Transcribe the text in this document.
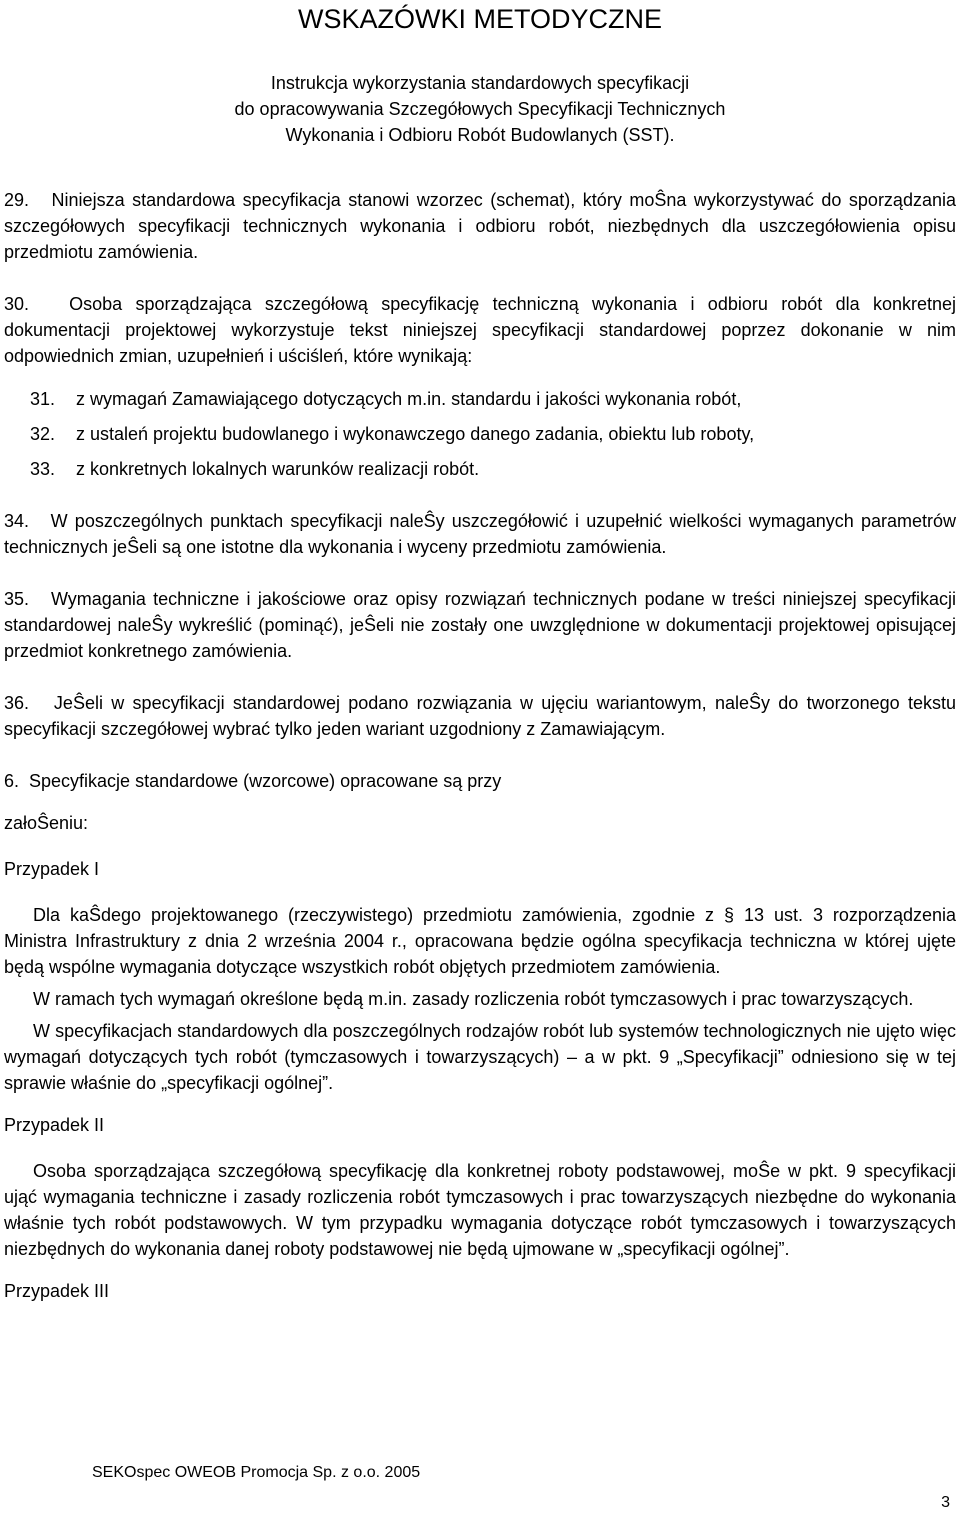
WSKAZÓWKI METODYCZNE
Instrukcja wykorzystania standardowych specyfikacji
do opracowywania Szczegółowych Specyfikacji Technicznych
Wykonania i Odbioru Robót Budowlanych (SST).

29.   Niniejsza standardowa specyfikacja stanowi wzorzec (schemat), który moŜna wykorzystywać do sporządzania szczegółowych specyfikacji technicznych wykonania i odbioru robót, niezbędnych dla uszczegółowienia opisu przedmiotu zamówienia.

30.   Osoba sporządzająca szczegółową specyfikację techniczną wykonania i odbioru robót dla konkretnej dokumentacji projektowej wykorzystuje tekst niniejszej specyfikacji standardowej poprzez dokonanie w nim odpowiednich zmian, uzupełnień i uściśleń, które wynikają:

31.	z wymagań Zamawiającego dotyczących m.in. standardu i jakości wykonania robót,
32.	z ustaleń projektu budowlanego i wykonawczego danego zadania, obiektu lub roboty,
33.	z konkretnych lokalnych warunków realizacji robót.

34.   W poszczególnych punktach specyfikacji naleŜy uszczegółowić i uzupełnić wielkości wymaganych parametrów technicznych jeŜeli są one istotne dla wykonania i wyceny przedmiotu zamówienia.

35.   Wymagania techniczne i jakościowe oraz opisy rozwiązań technicznych podane w treści niniejszej specyfikacji standardowej naleŜy wykreślić (pominąć), jeŜeli nie zostały one uwzględnione w dokumentacji projektowej opisującej przedmiot konkretnego zamówienia.

36.   JeŜeli w specyfikacji standardowej podano rozwiązania w ujęciu wariantowym, naleŜy do tworzonego tekstu specyfikacji szczegółowej wybrać tylko jeden wariant uzgodniony z Zamawiającym.

6.  Specyfikacje standardowe (wzorcowe) opracowane są przy

załoŜeniu:

Przypadek I

Dla kaŜdego projektowanego (rzeczywistego) przedmiotu zamówienia, zgodnie z § 13 ust. 3 rozporządzenia Ministra Infrastruktury z dnia 2 września 2004 r., opracowana będzie ogólna specyfikacja techniczna w której ujęte będą wspólne wymagania dotyczące wszystkich robót objętych przedmiotem zamówienia.

W ramach tych wymagań określone będą m.in. zasady rozliczenia robót tymczasowych i prac towarzyszących.

W specyfikacjach standardowych dla poszczególnych rodzajów robót lub systemów technologicznych nie ujęto więc wymagań dotyczących tych robót (tymczasowych i towarzyszących) – a w pkt. 9 „Specyfikacji” odniesiono się w tej sprawie właśnie do „specyfikacji ogólnej”.

Przypadek II

Osoba sporządzająca szczegółową specyfikację dla konkretnej roboty podstawowej, moŜe w pkt. 9 specyfikacji ująć wymagania techniczne i zasady rozliczenia robót tymczasowych i prac towarzyszących niezbędne do wykonania właśnie tych robót podstawowych. W tym przypadku wymagania dotyczące robót tymczasowych i towarzyszących niezbędnych do wykonania danej roboty podstawowej nie będą ujmowane w „specyfikacji ogólnej”.

Przypadek III

SEKOspec OWEOB Promocja Sp. z o.o. 2005
3
